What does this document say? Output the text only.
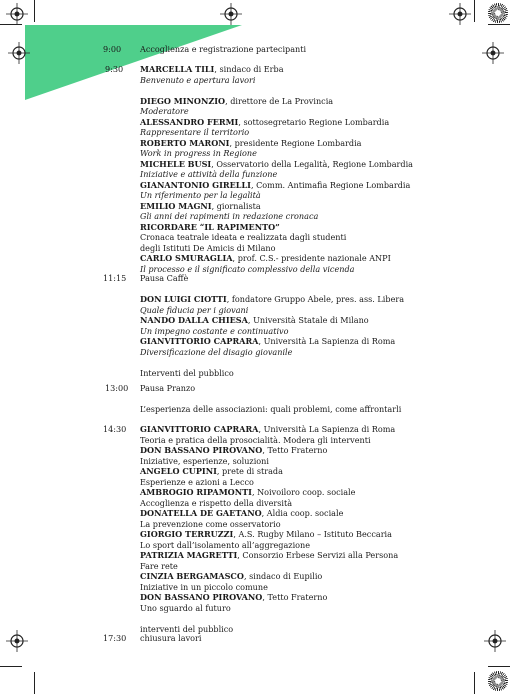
9:00	Accoglienza e registrazione partecipanti
9:30	MARCELLA TILI, sindaco di Erba
Benvenuto e apertura lavori

DIEGO MINONZIO, direttore de La Provincia
Moderatore
ALESSANDRO FERMI, sottosegretario Regione Lombardia
Rappresentare il territorio
ROBERTO MARONI, presidente Regione Lombardia
Work in progress in Regione
MICHELE BUSI, Osservatorio della Legalità, Regione Lombardia
Iniziative e attività della funzione
GIANANTONIO GIRELLI, Comm. Antimafia Regione Lombardia
Un riferimento per la legalità
EMILIO MAGNI, giornalista
Gli anni dei rapimenti in redazione cronaca
RICORDARE “IL RAPIMENTO”
Cronaca teatrale ideata e realizzata dagli studenti
degli Istituti De Amicis di Milano
CARLO SMURAGLIA, prof. C.S.- presidente nazionale ANPI
Il processo e il significato complessivo della vicenda
11:15	Pausa Caffè

DON LUIGI CIOTTI, fondatore Gruppo Abele, pres. ass. Libera
Quale fiducia per i giovani
NANDO DALLA CHIESA, Università Statale di Milano
Un impegno costante e continuativo
GIANVITTORIO CAPRARA, Università La Sapienza di Roma
Diversificazione del disagio giovanile

Interventi del pubblico
13:00	Pausa Pranzo

L’esperienza delle associazioni: quali problemi, come affrontarli
14:30	GIANVITTORIO CAPRARA, Università La Sapienza di Roma
Teoria e pratica della prosocialità. Modera gli interventi
DON BASSANO PIROVANO, Tetto Fraterno
Iniziative, esperienze, soluzioni
ANGELO CUPINI, prete di strada
Esperienze e azioni a Lecco
AMBROGIO RIPAMONTI, Noivoiloro coop. sociale
Accoglienza e rispetto della diversità
DONATELLA DE GAETANO, Aldia coop. sociale
La prevenzione come osservatorio
GIORGIO TERRUZZI, A.S. Rugby Milano – Istituto Beccaria
Lo sport dall’isolamento all’aggregazione
PATRIZIA MAGRETTI, Consorzio Erbese Servizi alla Persona
Fare rete
CINZIA BERGAMASCO, sindaco di Eupilio
Iniziative in un piccolo comune
DON BASSANO PIROVANO, Tetto Fraterno
Uno sguardo al futuro

interventi del pubblico
17:30	chiusura lavori
